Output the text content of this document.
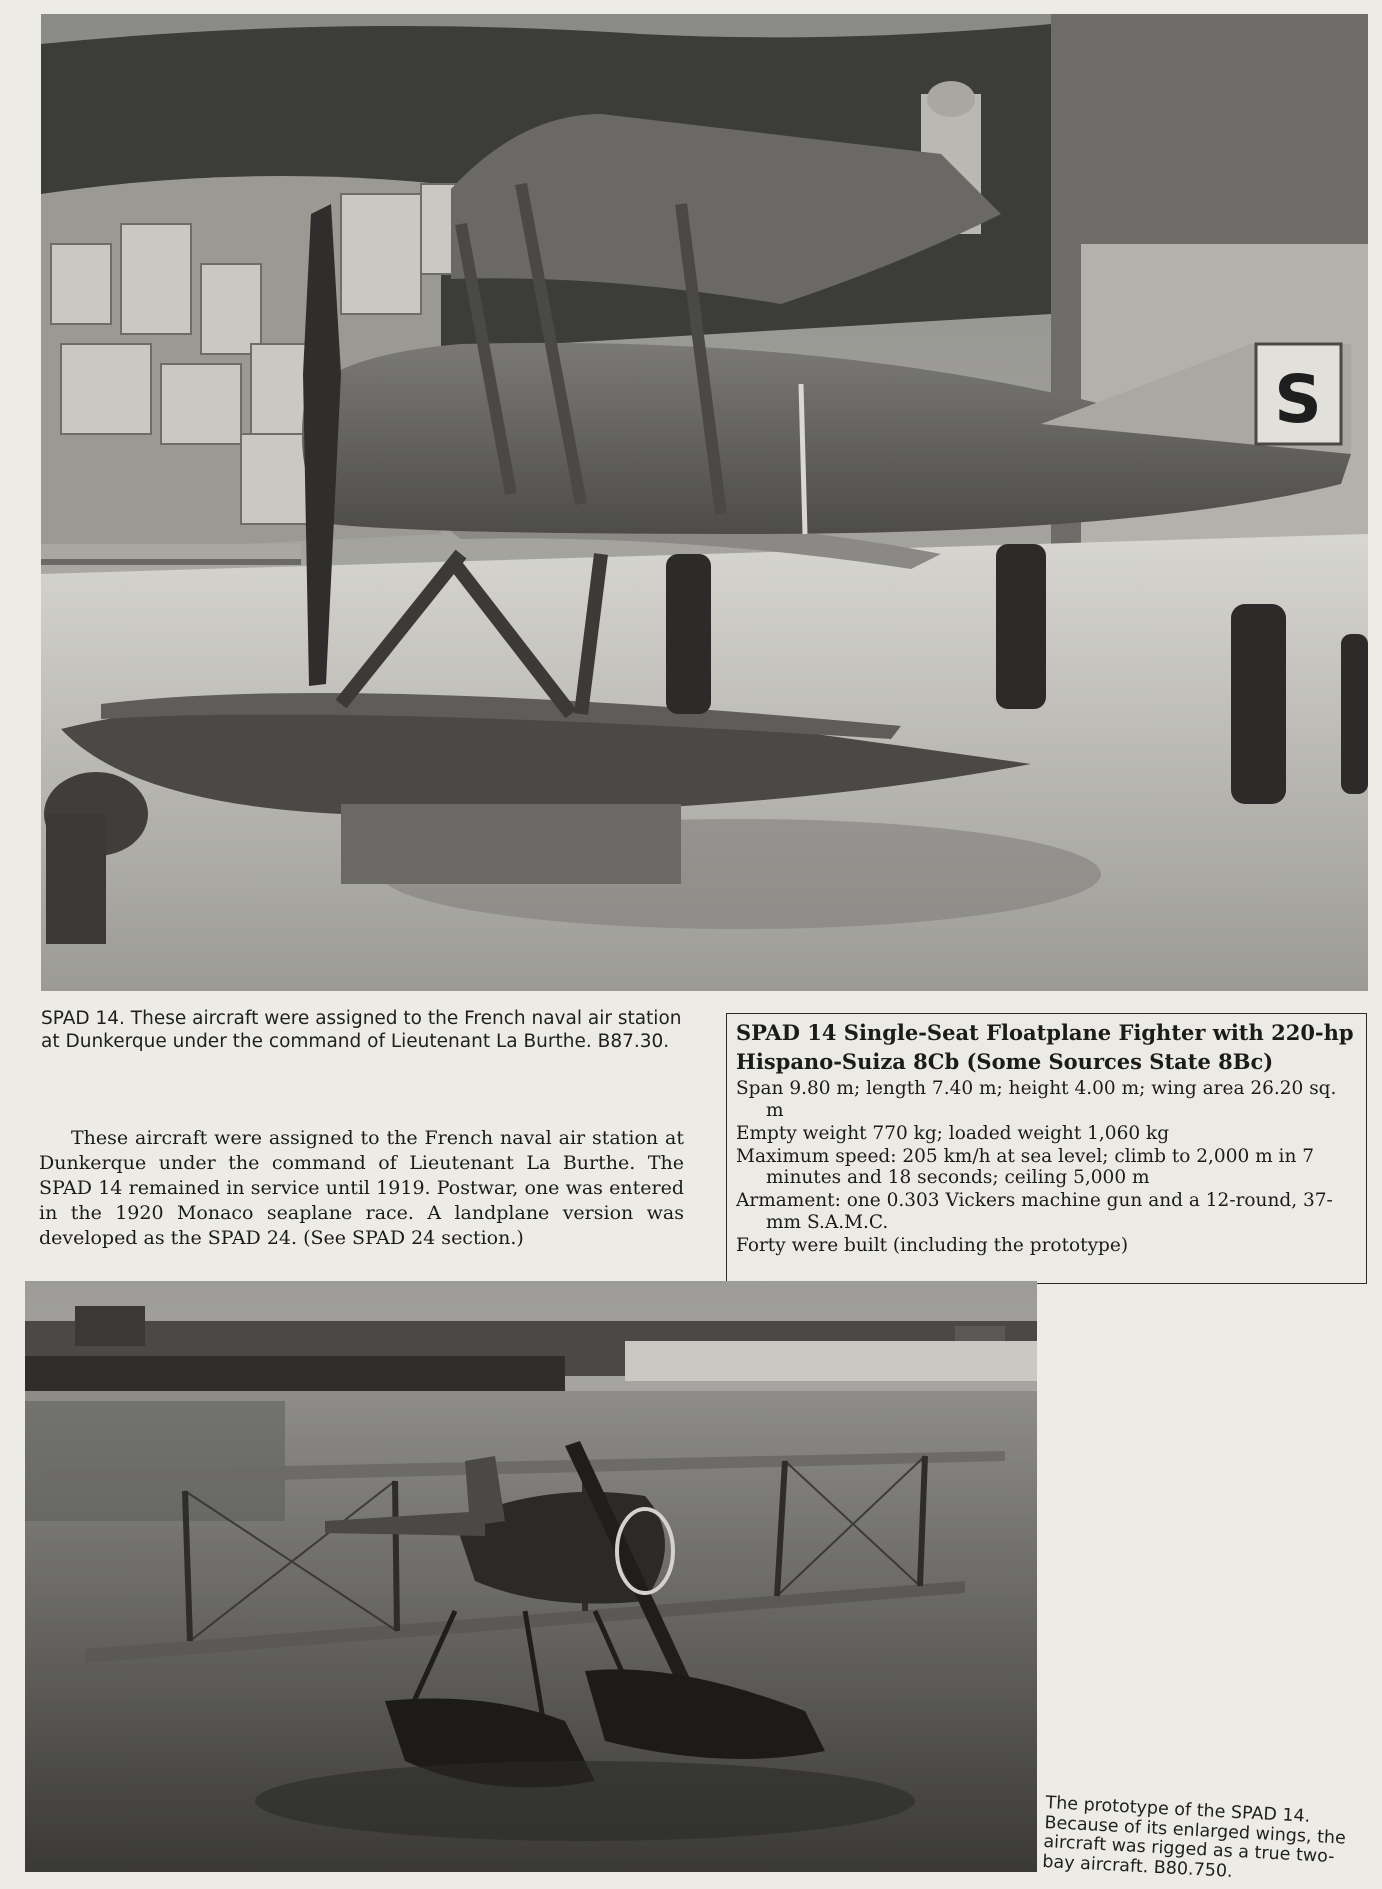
S
SPAD 14. These aircraft were assigned to the French naval air station at Dunkerque under the command of Lieutenant La Burthe. B87.30.

These aircraft were assigned to the French naval air station at Dunkerque under the command of Lieutenant La Burthe. The SPAD 14 remained in service until 1919. Postwar, one was entered in the 1920 Monaco seaplane race. A landplane version was developed as the SPAD 24. (See SPAD 24 section.)

SPAD 14 Single-Seat Floatplane Fighter with 220-hp Hispano-Suiza 8Cb (Some Sources State 8Bc)
Span 9.80 m; length 7.40 m; height 4.00 m; wing area 26.20 sq. m
Empty weight 770 kg; loaded weight 1,060 kg
Maximum speed: 205 km/h at sea level; climb to 2,000 m in 7 minutes and 18 seconds; ceiling 5,000 m
Armament: one 0.303 Vickers machine gun and a 12-round, 37-mm S.A.M.C.
Forty were built (including the prototype)
The prototype of the SPAD 14. Because of its enlarged wings, the aircraft was rigged as a true two-bay aircraft. B80.750.
